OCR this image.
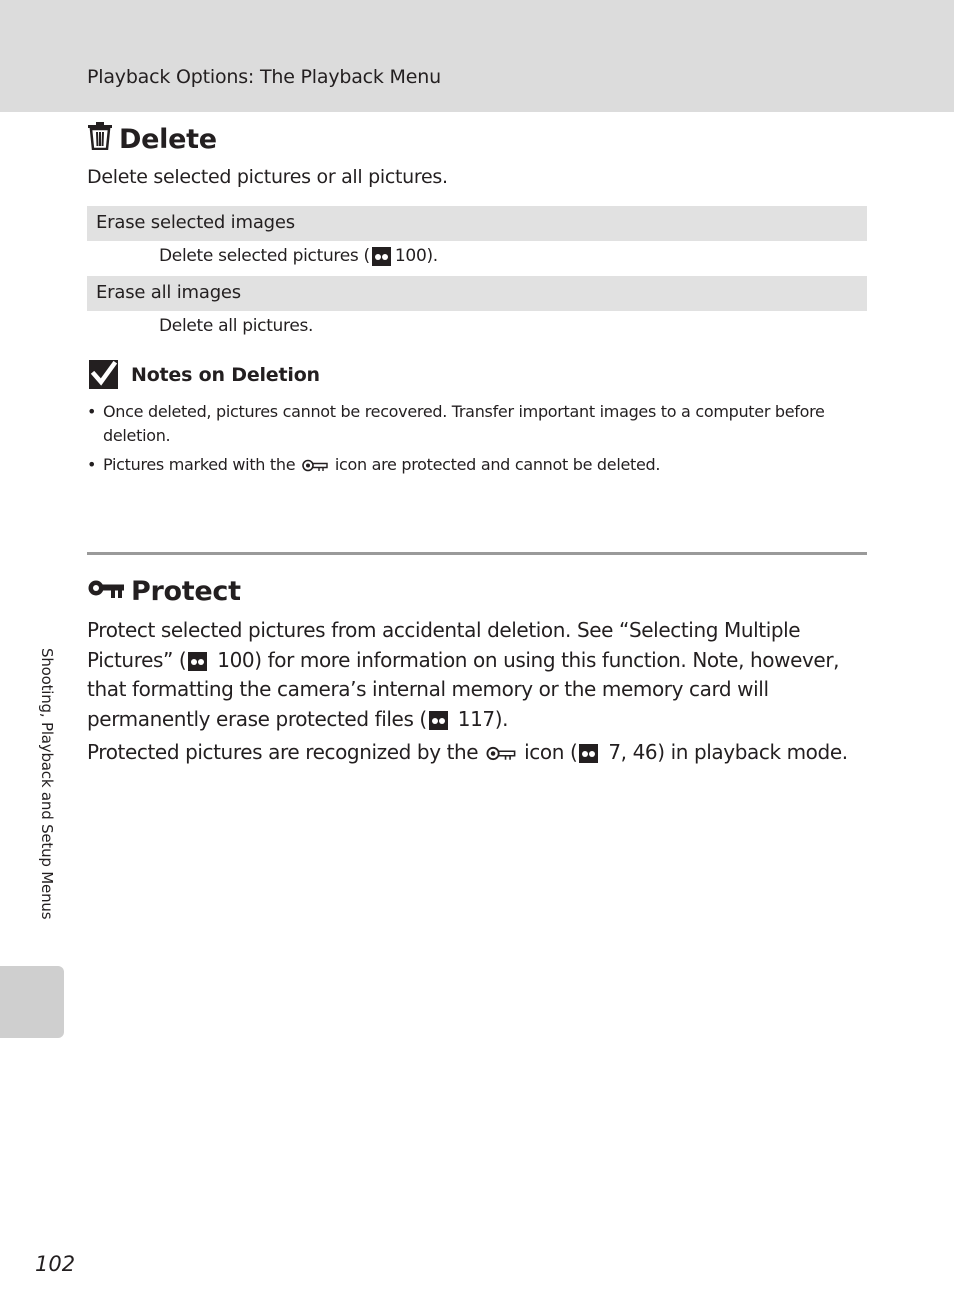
Playback Options: The Playback Menu
Delete
Delete selected pictures or all pictures.
Erase selected images
Delete selected pictures ( 100).
Erase all images
Delete all pictures.
Notes on Deletion
• Once deleted, pictures cannot be recovered. Transfer important images to a computer before deletion.
• Pictures marked with the  icon are protected and cannot be deleted.
Protect
Protect selected pictures from accidental deletion. See “Selecting Multiple Pictures” ( 100) for more information on using this function. Note, however, that formatting the camera’s internal memory or the memory card will permanently erase protected files ( 117).
Protected pictures are recognized by the  icon ( 7, 46) in playback mode.
Shooting, Playback and Setup Menus
102
